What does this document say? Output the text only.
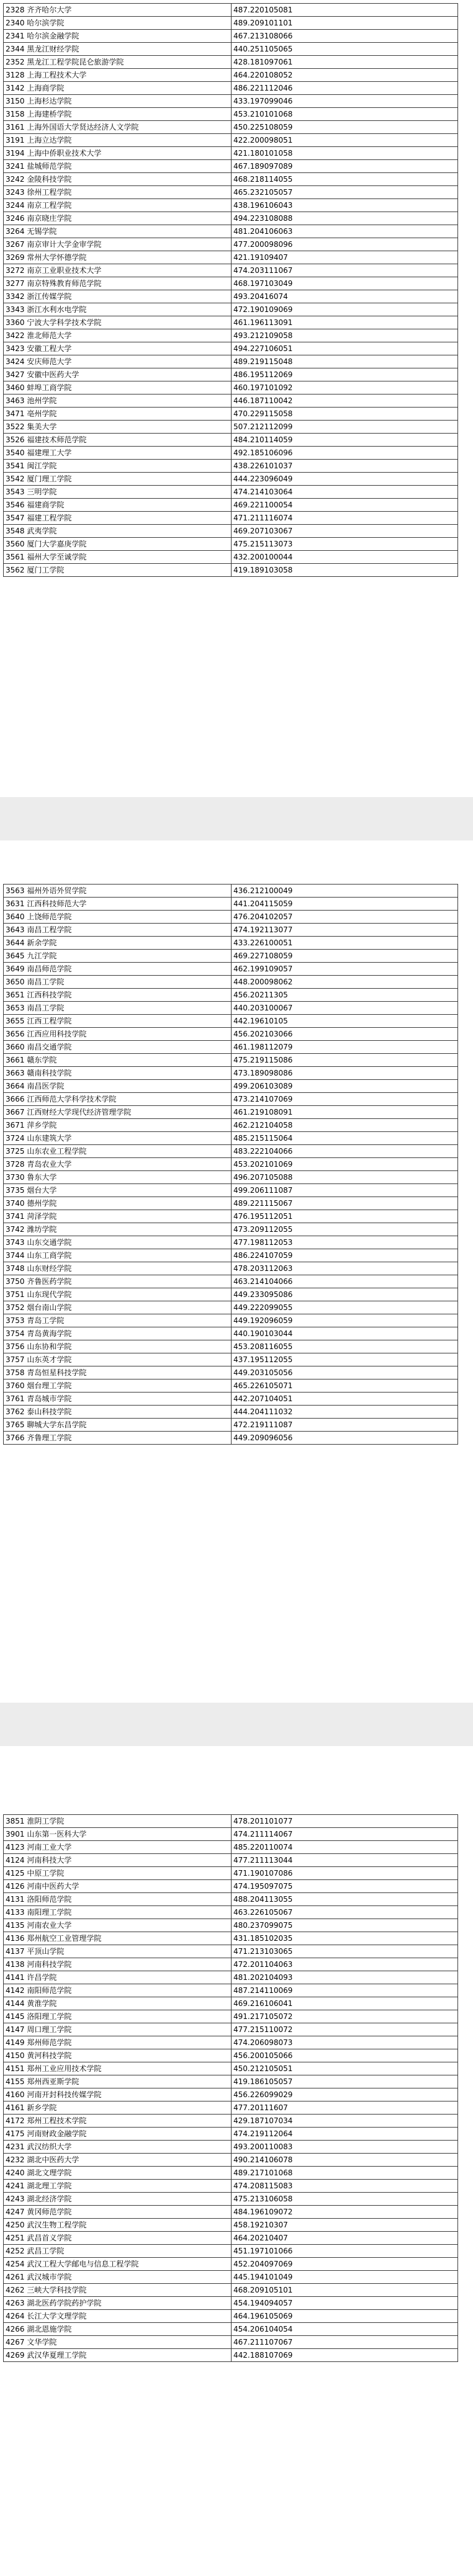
2328 齐齐哈尔大学	487.220105081
2340 哈尔滨学院	489.209101101
2341 哈尔滨金融学院	467.213108066
2344 黑龙江财经学院	440.251105065
2352 黑龙江工程学院昆仑旅游学院	428.181097061
3128 上海工程技术大学	464.220108052
3142 上海商学院	486.221112046
3150 上海杉达学院	433.197099046
3158 上海建桥学院	453.210101068
3161 上海外国语大学贤达经济人文学院	450.225108059
3191 上海立达学院	422.200098051
3194 上海中侨职业技术大学	421.180101058
3241 盐城师范学院	467.189097089
3242 金陵科技学院	468.218114055
3243 徐州工程学院	465.232105057
3244 南京工程学院	438.196106043
3246 南京晓庄学院	494.223108088
3264 无锡学院	481.204106063
3267 南京审计大学金审学院	477.200098096
3269 常州大学怀德学院	421.19109407
3272 南京工业职业技术大学	474.203111067
3277 南京特殊教育师范学院	468.197103049
3342 浙江传媒学院	493.20416074
3343 浙江水利水电学院	472.190109069
3360 宁波大学科学技术学院	461.196113091
3422 淮北师范大学	493.212109058
3423 安徽工程大学	494.227106051
3424 安庆师范大学	489.219115048
3427 安徽中医药大学	486.195112069
3460 蚌埠工商学院	460.197101092
3463 池州学院	446.187110042
3471 亳州学院	470.229115058
3522 集美大学	507.212112099
3526 福建技术师范学院	484.210114059
3540 福建理工大学	492.185106096
3541 闽江学院	438.226101037
3542 厦门理工学院	444.223096049
3543 三明学院	474.214103064
3546 福建商学院	469.221100054
3547 福建工程学院	471.211116074
3548 武夷学院	469.207103067
3560 厦门大学嘉庚学院	475.215113073
3561 福州大学至诚学院	432.200100044
3562 厦门工学院	419.189103058
3563 福州外语外贸学院	436.212100049
3631 江西科技师范大学	441.204115059
3640 上饶师范学院	476.204102057
3643 南昌工程学院	474.192113077
3644 新余学院	433.226100051
3645 九江学院	469.227108059
3649 南昌师范学院	462.199109057
3650 南昌工学院	448.200098062
3651 江西科技学院	456.20211305
3653 南昌工学院	440.203100067
3655 江西工程学院	442.19610105
3656 江西应用科技学院	456.202103066
3660 南昌交通学院	461.198112079
3661 赣东学院	475.219115086
3663 赣南科技学院	473.189098086
3664 南昌医学院	499.206103089
3666 江西师范大学科学技术学院	473.214107069
3667 江西财经大学现代经济管理学院	461.219108091
3671 萍乡学院	462.212104058
3724 山东建筑大学	485.215115064
3725 山东农业工程学院	483.222104066
3728 青岛农业大学	453.202101069
3730 鲁东大学	496.207105088
3735 烟台大学	499.206111087
3740 德州学院	489.221115067
3741 菏泽学院	476.195112051
3742 潍坊学院	473.209112055
3743 山东交通学院	477.198112053
3744 山东工商学院	486.224107059
3748 山东财经学院	478.203112063
3750 齐鲁医药学院	463.214104066
3751 山东现代学院	449.233095086
3752 烟台南山学院	449.222099055
3753 青岛工学院	449.192096059
3754 青岛黄海学院	440.190103044
3756 山东协和学院	453.208116055
3757 山东英才学院	437.195112055
3758 青岛恒星科技学院	449.203105056
3760 烟台理工学院	465.226105071
3761 青岛城市学院	442.207104051
3762 泰山科技学院	444.204111032
3765 聊城大学东昌学院	472.219111087
3766 齐鲁理工学院	449.209096056
3851 淮阴工学院	478.201101077
3901 山东第一医科大学	474.211114067
4123 河南工业大学	485.220110074
4124 河南科技大学	477.211113044
4125 中原工学院	471.190107086
4126 河南中医药大学	474.195097075
4131 洛阳师范学院	488.204113055
4133 南阳理工学院	463.226105067
4135 河南农业大学	480.237099075
4136 郑州航空工业管理学院	431.185102035
4137 平顶山学院	471.213103065
4138 河南科技学院	472.201104063
4141 许昌学院	481.202104093
4142 南阳师范学院	487.214110069
4144 黄淮学院	469.216106041
4145 洛阳理工学院	491.217105072
4147 周口理工学院	477.215110072
4149 郑州师范学院	474.206098073
4150 黄河科技学院	456.200105066
4151 郑州工业应用技术学院	450.212105051
4155 郑州西亚斯学院	419.186105057
4160 河南开封科技传媒学院	456.226099029
4161 新乡学院	477.20111607
4172 郑州工程技术学院	429.187107034
4175 河南财政金融学院	474.219112064
4231 武汉纺织大学	493.200110083
4232 湖北中医药大学	490.214106078
4240 湖北文理学院	489.217101068
4241 湖北理工学院	474.208115083
4243 湖北经济学院	475.213106058
4247 黄冈师范学院	484.196109072
4250 武汉生物工程学院	458.19210307
4251 武昌首义学院	464.20210407
4252 武昌工学院	451.197101066
4254 武汉工程大学邮电与信息工程学院	452.204097069
4261 武汉城市学院	445.194101049
4262 三峡大学科技学院	468.209105101
4263 湖北医药学院药护学院	454.194094057
4264 长江大学文理学院	464.196105069
4266 湖北恩施学院	454.206104054
4267 文华学院	467.211107067
4269 武汉华夏理工学院	442.188107069
